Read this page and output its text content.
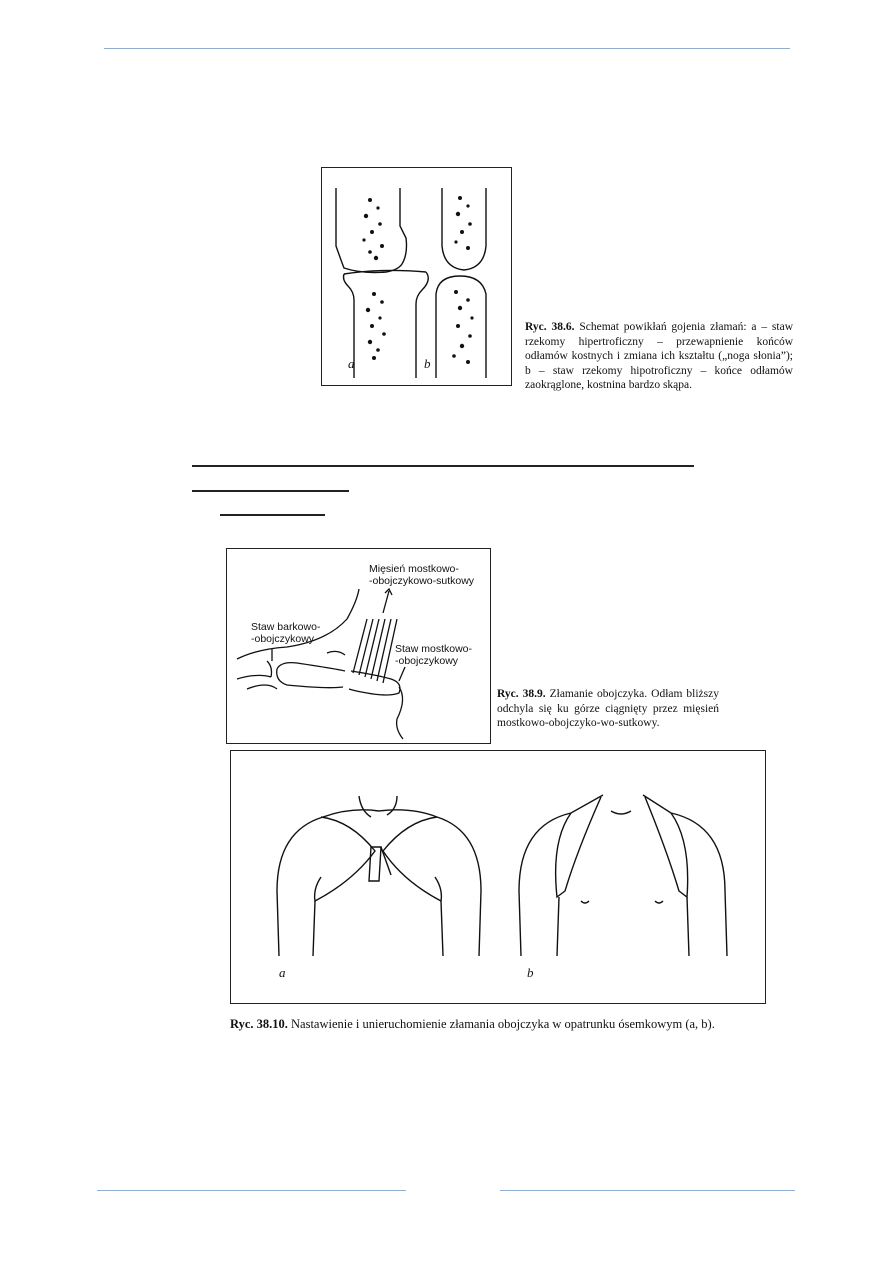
a	b
Ryc. 38.6. Schemat powikłań gojenia złamań: a – staw rzekomy hipertroficzny – przewapnienie końców odłamów kostnych i zmiana ich kształtu („noga słonia”); b – staw rzekomy hipotroficzny – końce odłamów zaokrąglone, kostnina bardzo skąpa.
Mięsień mostkowo-
-obojczykowo-sutkowy
Staw barkowo-
-obojczykowy
Staw mostkowo-
-obojczykowy
Ryc. 38.9. Złamanie obojczyka. Odłam bliższy odchyla się ku górze ciągnięty przez mięsień mostkowo-obojczyko-wo-sutkowy.
a	b
Ryc. 38.10. Nastawienie i unieruchomienie złamania obojczyka w opatrunku ósemkowym (a, b).
